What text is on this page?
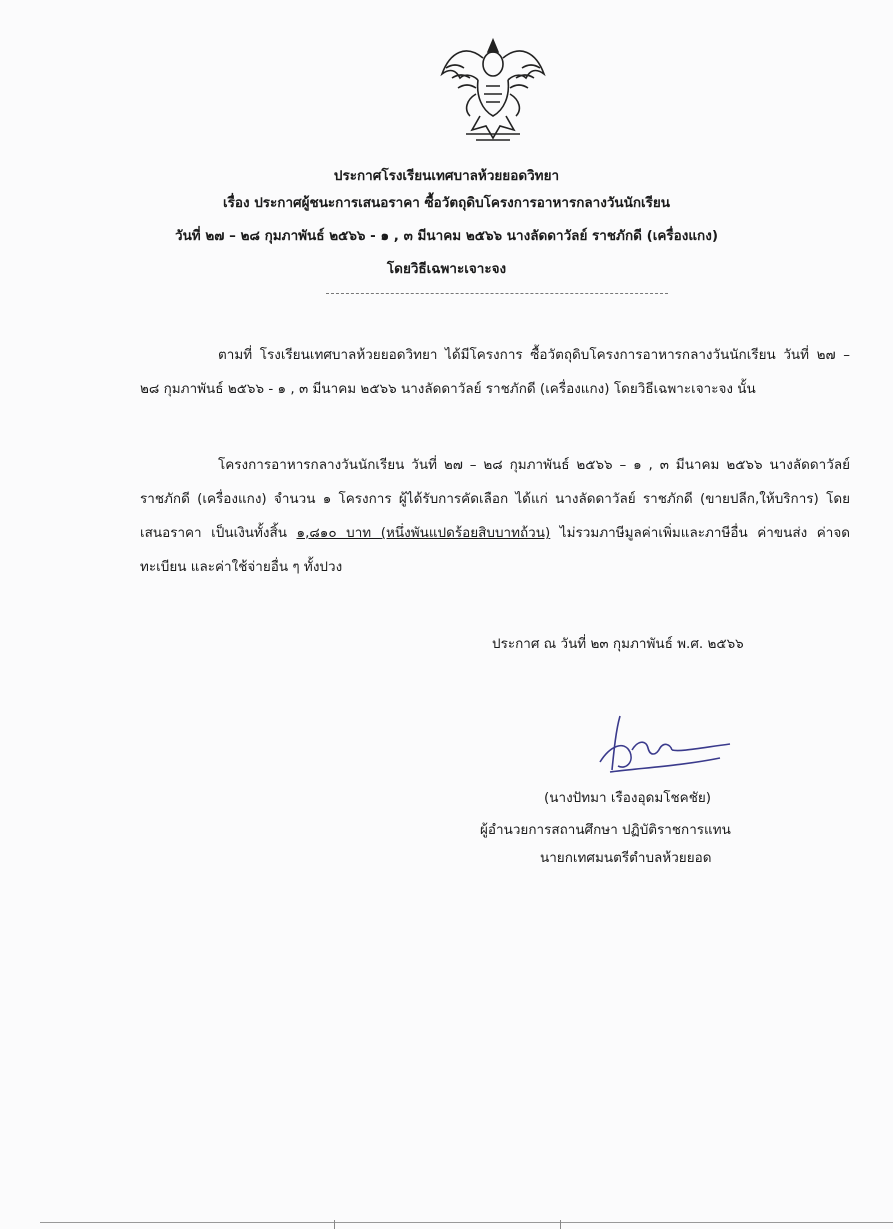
ประกาศโรงเรียนเทศบาลห้วยยอดวิทยา
เรื่อง ประกาศผู้ชนะการเสนอราคา ซื้อวัตถุดิบโครงการอาหารกลางวันนักเรียน
วันที่ ๒๗ – ๒๘ กุมภาพันธ์ ๒๕๖๖ - ๑ , ๓ มีนาคม ๒๕๖๖ นางลัดดาวัลย์ ราชภักดี (เครื่องแกง)
โดยวิธีเฉพาะเจาะจง
ตามที่ โรงเรียนเทศบาลห้วยยอดวิทยา ได้มีโครงการ ซื้อวัตถุดิบโครงการอาหารกลางวันนักเรียน วันที่ ๒๗ – ๒๘ กุมภาพันธ์ ๒๕๖๖ - ๑ , ๓ มีนาคม ๒๕๖๖ นางลัดดาวัลย์ ราชภักดี (เครื่องแกง) โดยวิธีเฉพาะเจาะจง นั้น
โครงการอาหารกลางวันนักเรียน วันที่ ๒๗ – ๒๘ กุมภาพันธ์ ๒๕๖๖ – ๑ , ๓ มีนาคม ๒๕๖๖ นางลัดดาวัลย์ ราชภักดี (เครื่องแกง) จำนวน ๑ โครงการ ผู้ได้รับการคัดเลือก ได้แก่ นางลัดดาวัลย์ ราชภักดี (ขายปลีก,ให้บริการ) โดยเสนอราคา เป็นเงินทั้งสิ้น ๑,๘๑๐ บาท (หนึ่งพันแปดร้อยสิบบาทถ้วน) ไม่รวมภาษีมูลค่าเพิ่มและภาษีอื่น ค่าขนส่ง ค่าจดทะเบียน และค่าใช้จ่ายอื่น ๆ ทั้งปวง
ประกาศ ณ วันที่ ๒๓ กุมภาพันธ์ พ.ศ. ๒๕๖๖
(นางปัทมา เรืองอุดมโชคชัย)
ผู้อำนวยการสถานศึกษา ปฏิบัติราชการแทน
นายกเทศมนตรีตำบลห้วยยอด
